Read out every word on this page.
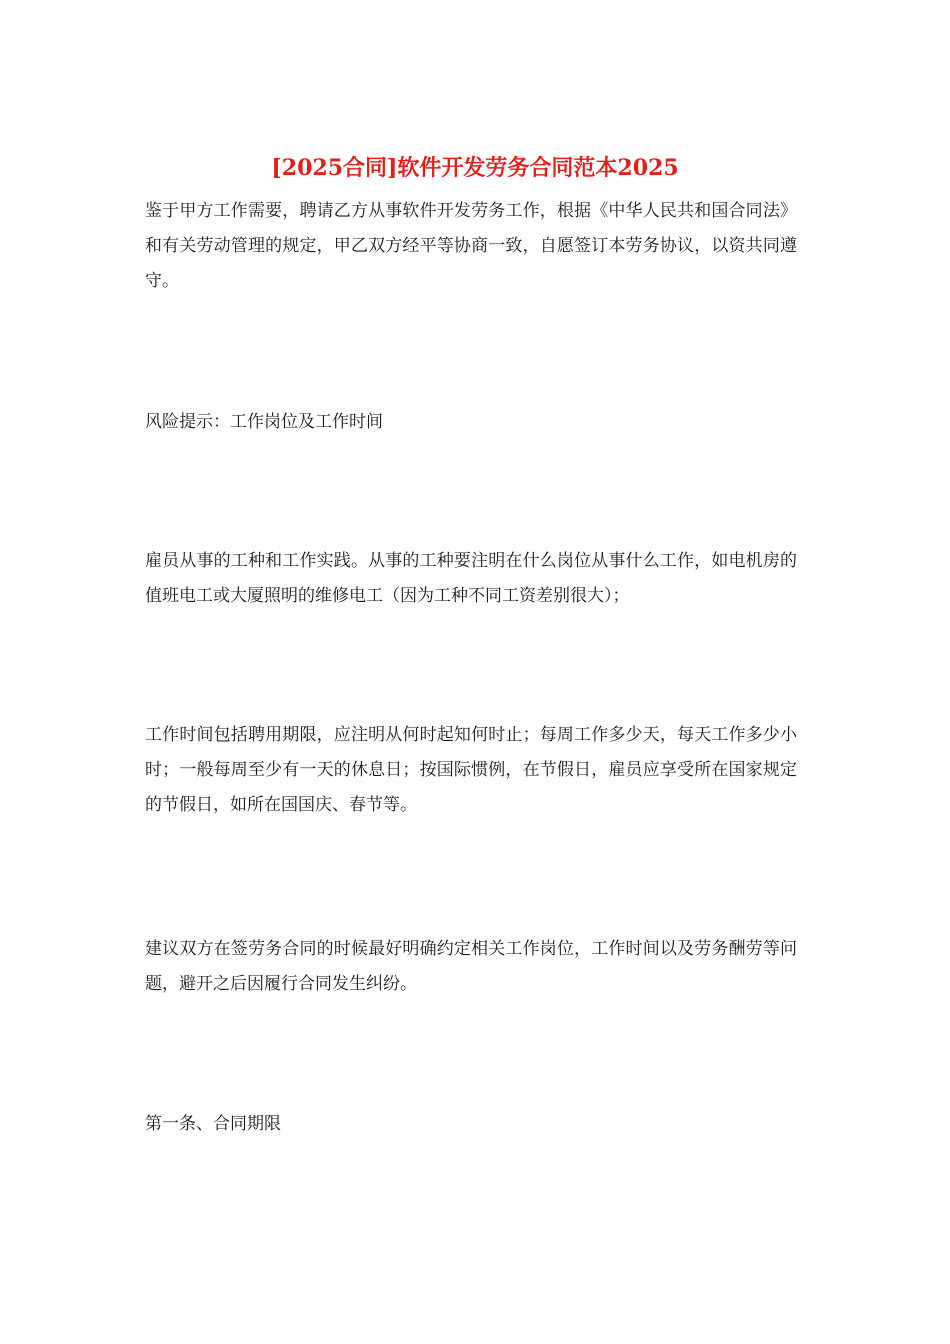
[2025合同]软件开发劳务合同范本2025

鉴于甲方工作需要，聘请乙方从事软件开发劳务工作，根据《中华人民共和国合同法》和有关劳动管理的规定，甲乙双方经平等协商一致，自愿签订本劳务协议，以资共同遵守。

风险提示：工作岗位及工作时间

雇员从事的工种和工作实践。从事的工种要注明在什么岗位从事什么工作，如电机房的值班电工或大厦照明的维修电工（因为工种不同工资差别很大）；

工作时间包括聘用期限，应注明从何时起知何时止；每周工作多少天，每天工作多少小时；一般每周至少有一天的休息日；按国际惯例，在节假日，雇员应享受所在国家规定的节假日，如所在国国庆、春节等。

建议双方在签劳务合同的时候最好明确约定相关工作岗位，工作时间以及劳务酬劳等问题，避开之后因履行合同发生纠纷。

第一条、合同期限
